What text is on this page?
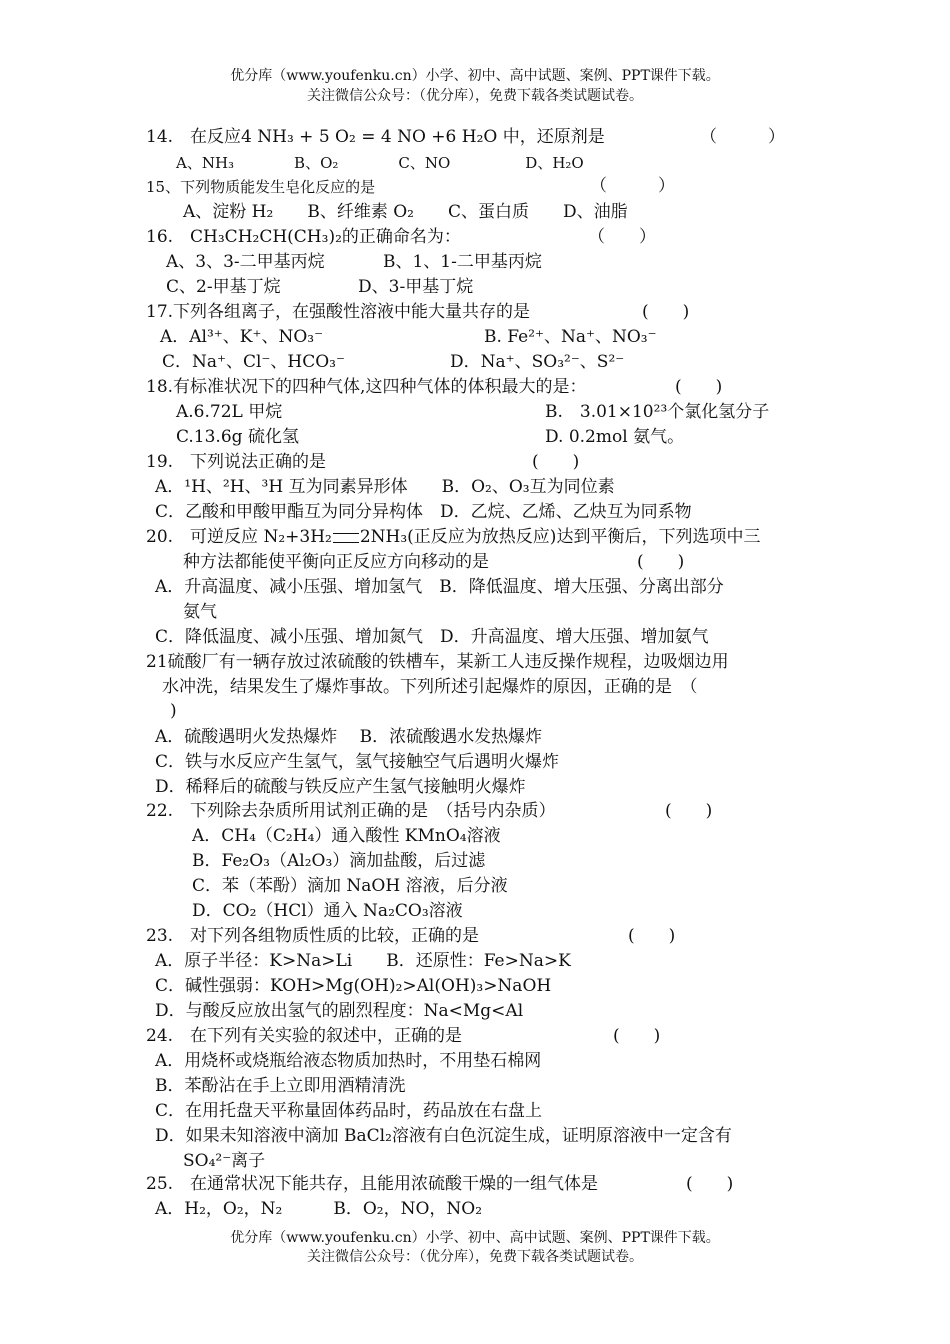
优分库（www.youfenku.cn）小学、初中、高中试题、案例、PPT课件下载。
关注微信公众号：（优分库），免费下载各类试题试卷。
14.　在反应4 NH₃ + 5 O₂ = 4 NO +6 H₂O 中，还原剂是	（　　　）
A、NH₃　　　　B、O₂　　　　C、NO　　　　　D、H₂O
15、下列物质能发生皂化反应的是	（　　　）
A、淀粉 H₂　　B、纤维素 O₂　　C、蛋白质　　D、油脂
16.　CH₃CH₂CH(CH₃)₂的正确命名为：	（　　）
A、3、3-二甲基丙烷	B、1、1-二甲基丙烷
C、2-甲基丁烷	D、3-甲基丁烷
17.下列各组离子，在强酸性溶液中能大量共存的是	(　　)
A．Al³⁺、K⁺、NO₃⁻	B. Fe²⁺、Na⁺、NO₃⁻
C．Na⁺、Cl⁻、HCO₃⁻	D．Na⁺、SO₃²⁻、S²⁻
18.有标准状况下的四种气体,这四种气体的体积最大的是：	(　　)
A.6.72L 甲烷	B.　3.01×10²³个氯化氢分子
C.13.6g 硫化氢	D. 0.2mol 氨气。
19.　下列说法正确的是	(　　)
A．¹H、²H、³H 互为同素异形体　　B．O₂、O₃互为同位素
C．乙酸和甲酸甲酯互为同分异构体　D．乙烷、乙烯、乙炔互为同系物
20.　可逆反应 N₂+3H₂ 2NH₃(正反应为放热反应)达到平衡后，下列选项中三
种方法都能使平衡向正反应方向移动的是	(　　)
A．升高温度、减小压强、增加氢气　B．降低温度、增大压强、分离出部分
氨气
C．降低温度、减小压强、增加氮气　D．升高温度、增大压强、增加氨气
21硫酸厂有一辆存放过浓硫酸的铁槽车，某新工人违反操作规程，边吸烟边用
水冲洗，结果发生了爆炸事故。下列所述引起爆炸的原因，正确的是　（
)
A．硫酸遇明火发热爆炸　 B．浓硫酸遇水发热爆炸
C．铁与水反应产生氢气，氢气接触空气后遇明火爆炸
D．稀释后的硫酸与铁反应产生氢气接触明火爆炸
22.　下列除去杂质所用试剂正确的是　（括号内杂质）	(　　)
A．CH₄（C₂H₄）通入酸性 KMnO₄溶液
B．Fe₂O₃（Al₂O₃）滴加盐酸，后过滤
C．苯（苯酚）滴加 NaOH 溶液，后分液
D．CO₂（HCl）通入 Na₂CO₃溶液
23.　对下列各组物质性质的比较，正确的是	(　　)
A．原子半径：K>Na>Li　　B．还原性：Fe>Na>K
C．碱性强弱：KOH>Mg(OH)₂>Al(OH)₃>NaOH
D．与酸反应放出氢气的剧烈程度：Na<Mg<Al
24.　在下列有关实验的叙述中，正确的是	(　　)
A．用烧杯或烧瓶给液态物质加热时，不用垫石棉网
B．苯酚沾在手上立即用酒精清洗
C．在用托盘天平称量固体药品时，药品放在右盘上
D．如果未知溶液中滴加 BaCl₂溶液有白色沉淀生成，证明原溶液中一定含有
SO₄²⁻离子
25.　在通常状况下能共存，且能用浓硫酸干燥的一组气体是	(　　)
A．H₂，O₂，N₂　　　B．O₂，NO，NO₂
优分库（www.youfenku.cn）小学、初中、高中试题、案例、PPT课件下载。
关注微信公众号：（优分库），免费下载各类试题试卷。
